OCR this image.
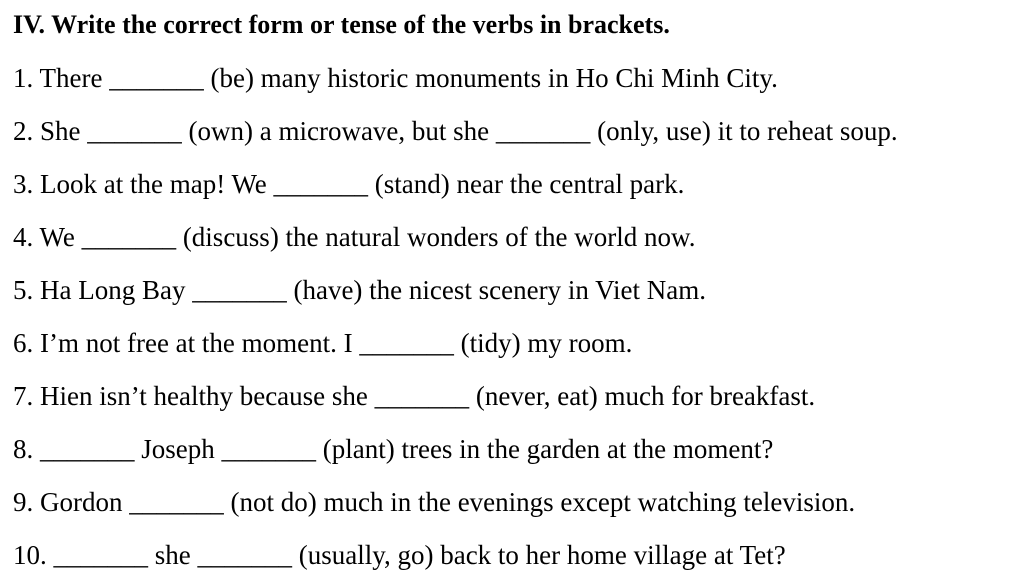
IV. Write the correct form or tense of the verbs in brackets.
1. There _______ (be) many historic monuments in Ho Chi Minh City.
2. She _______ (own) a microwave, but she _______ (only, use) it to reheat soup.
3. Look at the map! We _______ (stand) near the central park.
4. We _______ (discuss) the natural wonders of the world now.
5. Ha Long Bay _______ (have) the nicest scenery in Viet Nam.
6. I’m not free at the moment. I _______ (tidy) my room.
7. Hien isn’t healthy because she _______ (never, eat) much for breakfast.
8. _______ Joseph _______ (plant) trees in the garden at the moment?
9. Gordon _______ (not do) much in the evenings except watching television.
10. _______ she _______ (usually, go) back to her home village at Tet?
